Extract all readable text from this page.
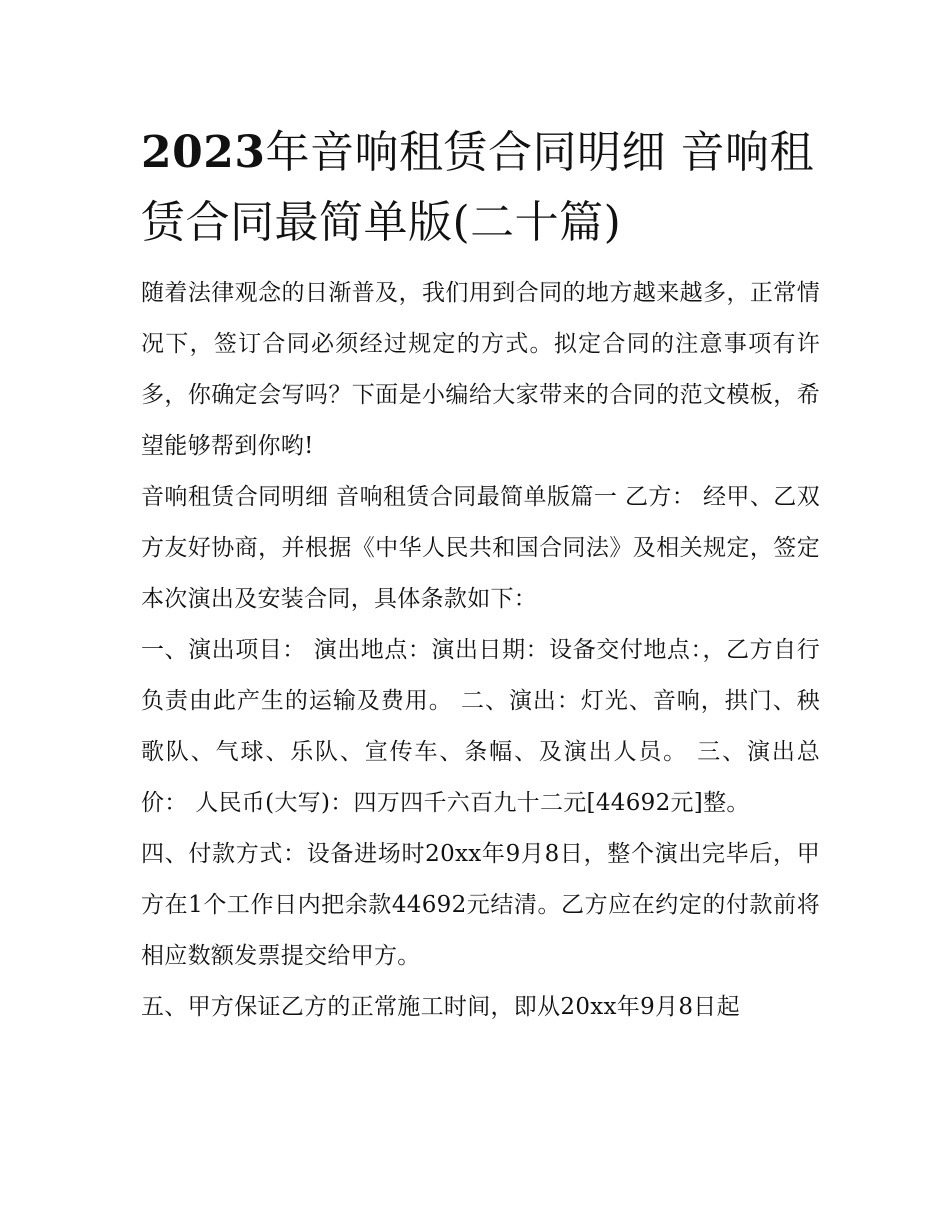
2023年音响租赁合同明细 音响租赁合同最简单版(二十篇)

随着法律观念的日渐普及，我们用到合同的地方越来越多，正常情况下，签订合同必须经过规定的方式。拟定合同的注意事项有许多，你确定会写吗？下面是小编给大家带来的合同的范文模板，希望能够帮到你哟!

音响租赁合同明细 音响租赁合同最简单版篇一 乙方： 经甲、乙双方友好协商，并根据《中华人民共和国合同法》及相关规定，签定本次演出及安装合同，具体条款如下：

一、演出项目： 演出地点：演出日期：设备交付地点：，乙方自行负责由此产生的运输及费用。 二、演出：灯光、音响，拱门、秧歌队、气球、乐队、宣传车、条幅、及演出人员。 三、演出总价： 人民币(大写)：四万四千六百九十二元[44692元]整。

四、付款方式：设备进场时20xx年9月8日，整个演出完毕后，甲方在1个工作日内把余款44692元结清。乙方应在约定的付款前将相应数额发票提交给甲方。

五、甲方保证乙方的正常施工时间，即从20xx年9月8日起
